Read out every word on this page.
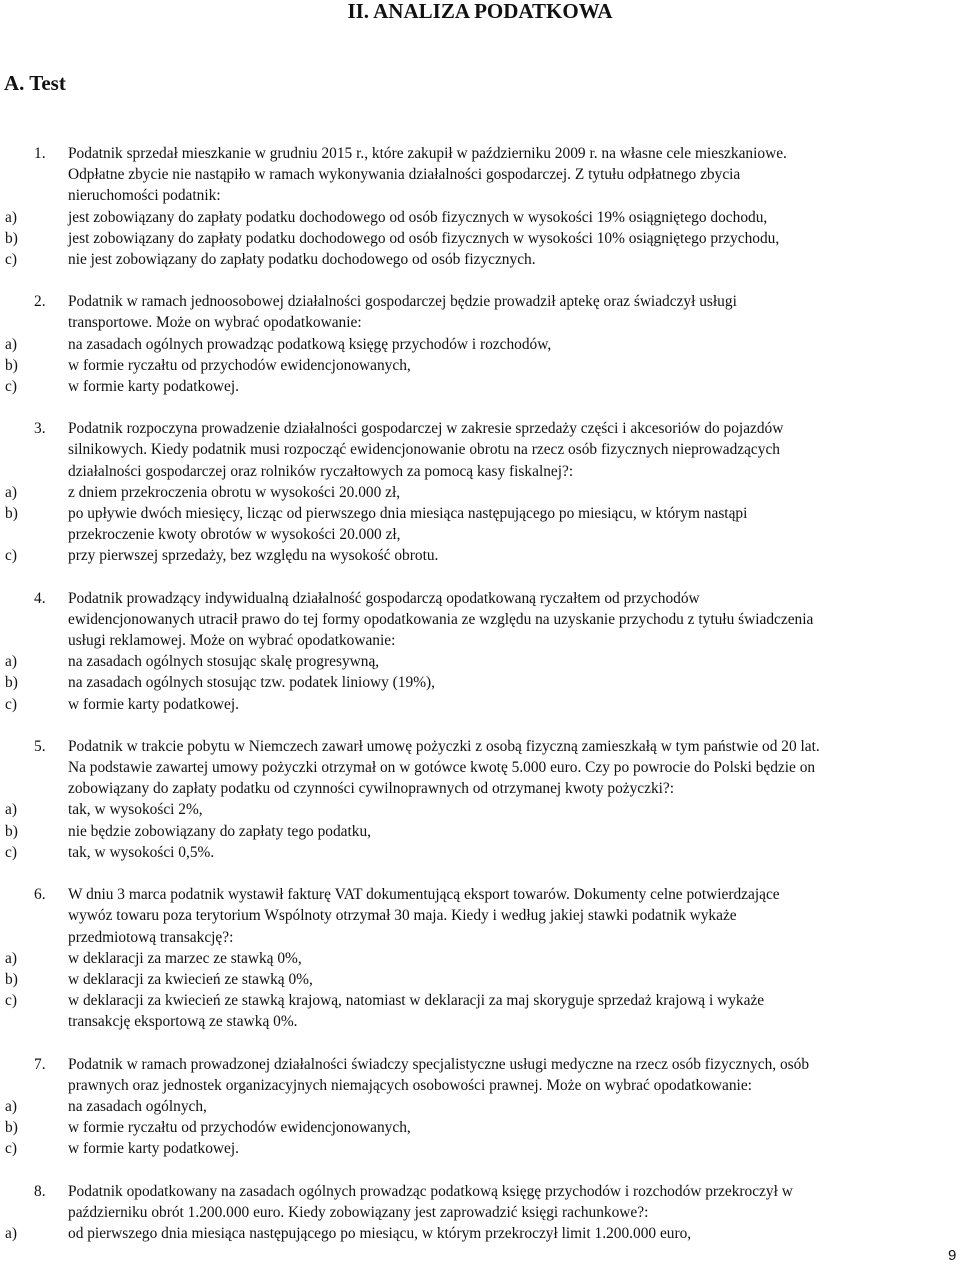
II. ANALIZA PODATKOWA
A. Test
1. Podatnik sprzedał mieszkanie w grudniu 2015 r., które zakupił w październiku 2009 r. na własne cele mieszkaniowe.
Odpłatne zbycie nie nastąpiło w ramach wykonywania działalności gospodarczej. Z tytułu odpłatnego zbycia
nieruchomości podatnik:
a)	jest zobowiązany do zapłaty podatku dochodowego od osób fizycznych w wysokości 19% osiągniętego dochodu,
b)	jest zobowiązany do zapłaty podatku dochodowego od osób fizycznych w wysokości 10% osiągniętego przychodu,
c)	nie jest zobowiązany do zapłaty podatku dochodowego od osób fizycznych.
2. Podatnik w ramach jednoosobowej działalności gospodarczej będzie prowadził aptekę oraz świadczył usługi
transportowe. Może on wybrać opodatkowanie:
a)	na zasadach ogólnych prowadząc podatkową księgę przychodów i rozchodów,
b)	w formie ryczałtu od przychodów ewidencjonowanych,
c)	w formie karty podatkowej.
3. Podatnik rozpoczyna prowadzenie działalności gospodarczej w zakresie sprzedaży części i akcesoriów do pojazdów
silnikowych. Kiedy podatnik musi rozpocząć ewidencjonowanie obrotu na rzecz osób fizycznych nieprowadzących
działalności gospodarczej oraz rolników ryczałtowych za pomocą kasy fiskalnej?:
a)	z dniem przekroczenia obrotu w wysokości 20.000 zł,
b)	po upływie dwóch miesięcy, licząc od pierwszego dnia miesiąca następującego po miesiącu, w którym nastąpi
przekroczenie kwoty obrotów w wysokości 20.000 zł,
c)	przy pierwszej sprzedaży, bez względu na wysokość obrotu.
4. Podatnik prowadzący indywidualną działalność gospodarczą opodatkowaną ryczałtem od przychodów
ewidencjonowanych utracił prawo do tej formy opodatkowania ze względu na uzyskanie przychodu z tytułu świadczenia
usługi reklamowej. Może on wybrać opodatkowanie:
a)	na zasadach ogólnych stosując skalę progresywną,
b)	na zasadach ogólnych stosując tzw. podatek liniowy (19%),
c)	w formie karty podatkowej.
5. Podatnik w trakcie pobytu w Niemczech zawarł umowę pożyczki z osobą fizyczną zamieszkałą w tym państwie od 20 lat.
Na podstawie zawartej umowy pożyczki otrzymał on w gotówce kwotę 5.000 euro. Czy po powrocie do Polski będzie on
zobowiązany do zapłaty podatku od czynności cywilnoprawnych od otrzymanej kwoty pożyczki?:
a)	tak, w wysokości 2%,
b)	nie będzie zobowiązany do zapłaty tego podatku,
c)	tak, w wysokości 0,5%.
6. W dniu 3 marca podatnik wystawił fakturę VAT dokumentującą eksport towarów. Dokumenty celne potwierdzające
wywóz towaru poza terytorium Wspólnoty otrzymał 30 maja. Kiedy i według jakiej stawki podatnik wykaże
przedmiotową transakcję?:
a)	w deklaracji za marzec ze stawką 0%,
b)	w deklaracji za kwiecień ze stawką 0%,
c)	w deklaracji za kwiecień ze stawką krajową, natomiast w deklaracji za maj skoryguje sprzedaż krajową i wykaże
transakcję eksportową ze stawką 0%.
7. Podatnik w ramach prowadzonej działalności świadczy specjalistyczne usługi medyczne na rzecz osób fizycznych, osób
prawnych oraz jednostek organizacyjnych niemających osobowości prawnej. Może on wybrać opodatkowanie:
a)	na zasadach ogólnych,
b)	w formie ryczałtu od przychodów ewidencjonowanych,
c)	w formie karty podatkowej.
8. Podatnik opodatkowany na zasadach ogólnych prowadząc podatkową księgę przychodów i rozchodów przekroczył w
październiku obrót 1.200.000 euro. Kiedy zobowiązany jest zaprowadzić księgi rachunkowe?:
a)	od pierwszego dnia miesiąca następującego po miesiącu, w którym przekroczył limit 1.200.000 euro,
9
